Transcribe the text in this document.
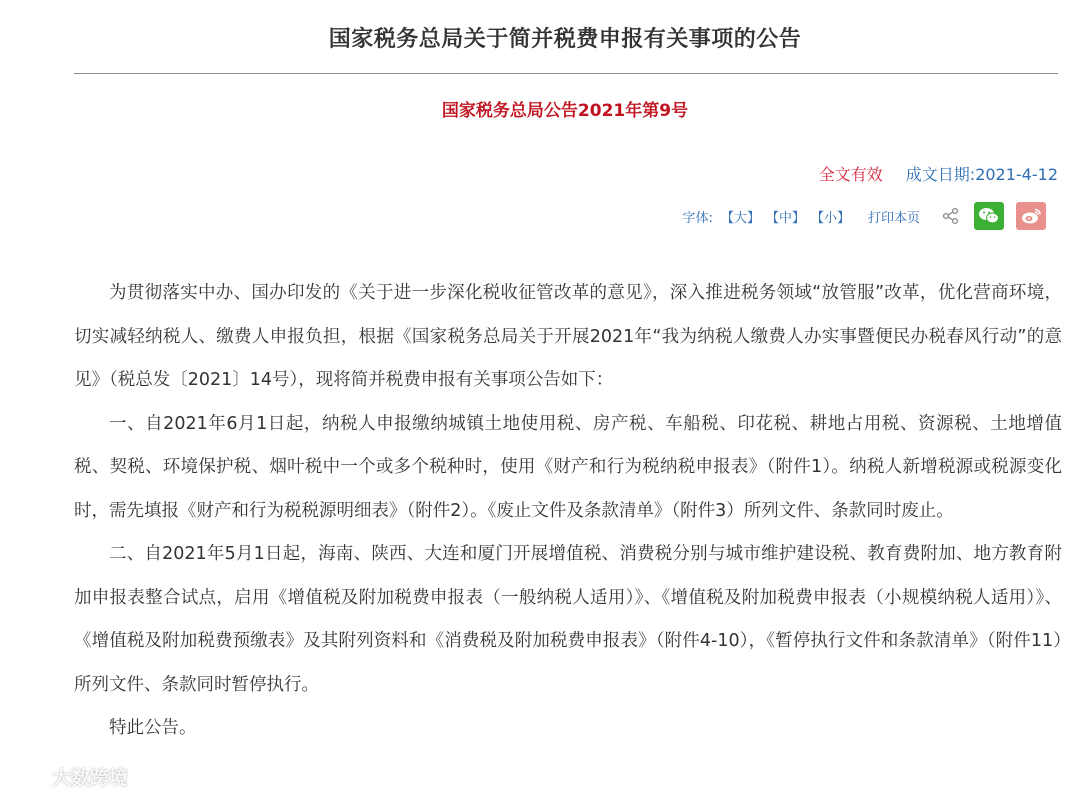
国家税务总局关于简并税费申报有关事项的公告
国家税务总局公告2021年第9号
全文有效 成文日期:2021-4-12
字体: 【大】 【中】 【小】 打印本页

为贯彻落实中办、国办印发的《关于进一步深化税收征管改革的意见》，深入推进税务领域“放管服”改革，优化营商环境，切实减轻纳税人、缴费人申报负担，根据《国家税务总局关于开展2021年“我为纳税人缴费人办实事暨便民办税春风行动”的意见》（税总发〔2021〕14号），现将简并税费申报有关事项公告如下：

一、自2021年6月1日起，纳税人申报缴纳城镇土地使用税、房产税、车船税、印花税、耕地占用税、资源税、土地增值税、契税、环境保护税、烟叶税中一个或多个税种时，使用《财产和行为税纳税申报表》（附件1）。纳税人新增税源或税源变化时，需先填报《财产和行为税税源明细表》（附件2）。《废止文件及条款清单》（附件3）所列文件、条款同时废止。

二、自2021年5月1日起，海南、陕西、大连和厦门开展增值税、消费税分别与城市维护建设税、教育费附加、地方教育附加申报表整合试点，启用《增值税及附加税费申报表（一般纳税人适用）》、《增值税及附加税费申报表（小规模纳税人适用）》、《增值税及附加税费预缴表》及其附列资料和《消费税及附加税费申报表》（附件4-10），《暂停执行文件和条款清单》（附件11）所列文件、条款同时暂停执行。

特此公告。

大数跨境
